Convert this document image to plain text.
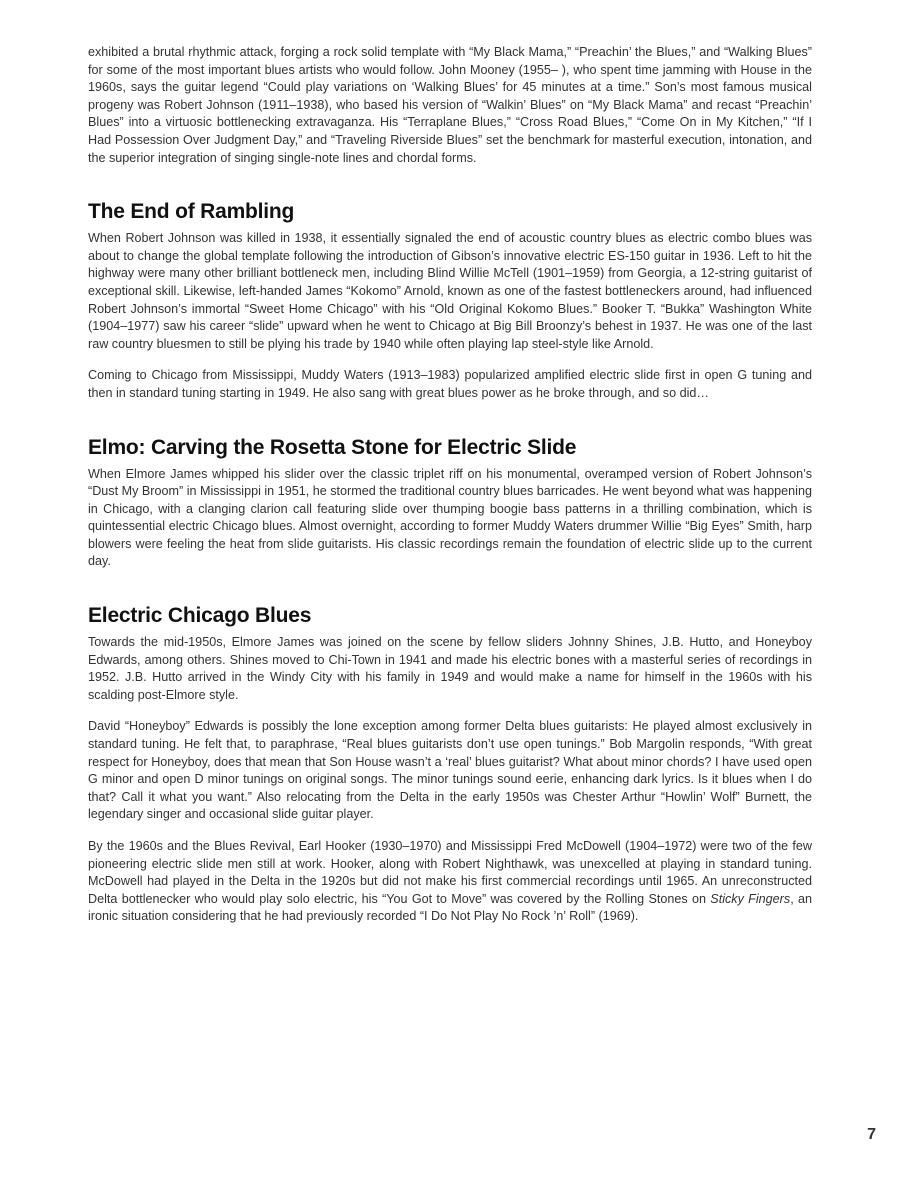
exhibited a brutal rhythmic attack, forging a rock solid template with “My Black Mama,” “Preachin’ the Blues,” and “Walking Blues” for some of the most important blues artists who would follow. John Mooney (1955– ), who spent time jamming with House in the 1960s, says the guitar legend “Could play variations on ‘Walking Blues’ for 45 minutes at a time.” Son’s most famous musical progeny was Robert Johnson (1911–1938), who based his version of “Walkin’ Blues” on “My Black Mama” and recast “Preachin’ Blues” into a virtuosic bottlenecking extravaganza. His “Terraplane Blues,” “Cross Road Blues,” “Come On in My Kitchen,” “If I Had Possession Over Judgment Day,” and “Traveling Riverside Blues” set the benchmark for masterful execution, intonation, and the superior integration of singing single-note lines and chordal forms.

The End of Rambling

When Robert Johnson was killed in 1938, it essentially signaled the end of acoustic country blues as electric combo blues was about to change the global template following the introduction of Gibson’s innovative electric ES-150 guitar in 1936. Left to hit the highway were many other brilliant bottleneck men, including Blind Willie McTell (1901–1959) from Georgia, a 12-string guitarist of exceptional skill. Likewise, left-handed James “Kokomo” Arnold, known as one of the fastest bottleneckers around, had influenced Robert Johnson’s immortal “Sweet Home Chicago” with his “Old Original Kokomo Blues.” Booker T. “Bukka” Washington White (1904–1977) saw his career “slide” upward when he went to Chicago at Big Bill Broonzy’s behest in 1937. He was one of the last raw country bluesmen to still be plying his trade by 1940 while often playing lap steel-style like Arnold.

Coming to Chicago from Mississippi, Muddy Waters (1913–1983) popularized amplified electric slide first in open G tuning and then in standard tuning starting in 1949. He also sang with great blues power as he broke through, and so did…

Elmo: Carving the Rosetta Stone for Electric Slide

When Elmore James whipped his slider over the classic triplet riff on his monumental, overamped version of Robert Johnson’s “Dust My Broom” in Mississippi in 1951, he stormed the traditional country blues barricades. He went beyond what was happening in Chicago, with a clanging clarion call featuring slide over thumping boogie bass patterns in a thrilling combination, which is quintessential electric Chicago blues. Almost overnight, according to former Muddy Waters drummer Willie “Big Eyes” Smith, harp blowers were feeling the heat from slide guitarists. His classic recordings remain the foundation of electric slide up to the current day.

Electric Chicago Blues

Towards the mid-1950s, Elmore James was joined on the scene by fellow sliders Johnny Shines, J.B. Hutto, and Honeyboy Edwards, among others. Shines moved to Chi-Town in 1941 and made his electric bones with a masterful series of recordings in 1952. J.B. Hutto arrived in the Windy City with his family in 1949 and would make a name for himself in the 1960s with his scalding post-Elmore style.

David “Honeyboy” Edwards is possibly the lone exception among former Delta blues guitarists: He played almost exclusively in standard tuning. He felt that, to paraphrase, “Real blues guitarists don’t use open tunings.” Bob Margolin responds, “With great respect for Honeyboy, does that mean that Son House wasn’t a ‘real’ blues guitarist? What about minor chords? I have used open G minor and open D minor tunings on original songs. The minor tunings sound eerie, enhancing dark lyrics. Is it blues when I do that? Call it what you want.” Also relocating from the Delta in the early 1950s was Chester Arthur “Howlin’ Wolf” Burnett, the legendary singer and occasional slide guitar player.

By the 1960s and the Blues Revival, Earl Hooker (1930–1970) and Mississippi Fred McDowell (1904–1972) were two of the few pioneering electric slide men still at work. Hooker, along with Robert Nighthawk, was unexcelled at playing in standard tuning. McDowell had played in the Delta in the 1920s but did not make his first commercial recordings until 1965. An unreconstructed Delta bottlenecker who would play solo electric, his “You Got to Move” was covered by the Rolling Stones on Sticky Fingers, an ironic situation considering that he had previously recorded “I Do Not Play No Rock ’n’ Roll” (1969).

7
